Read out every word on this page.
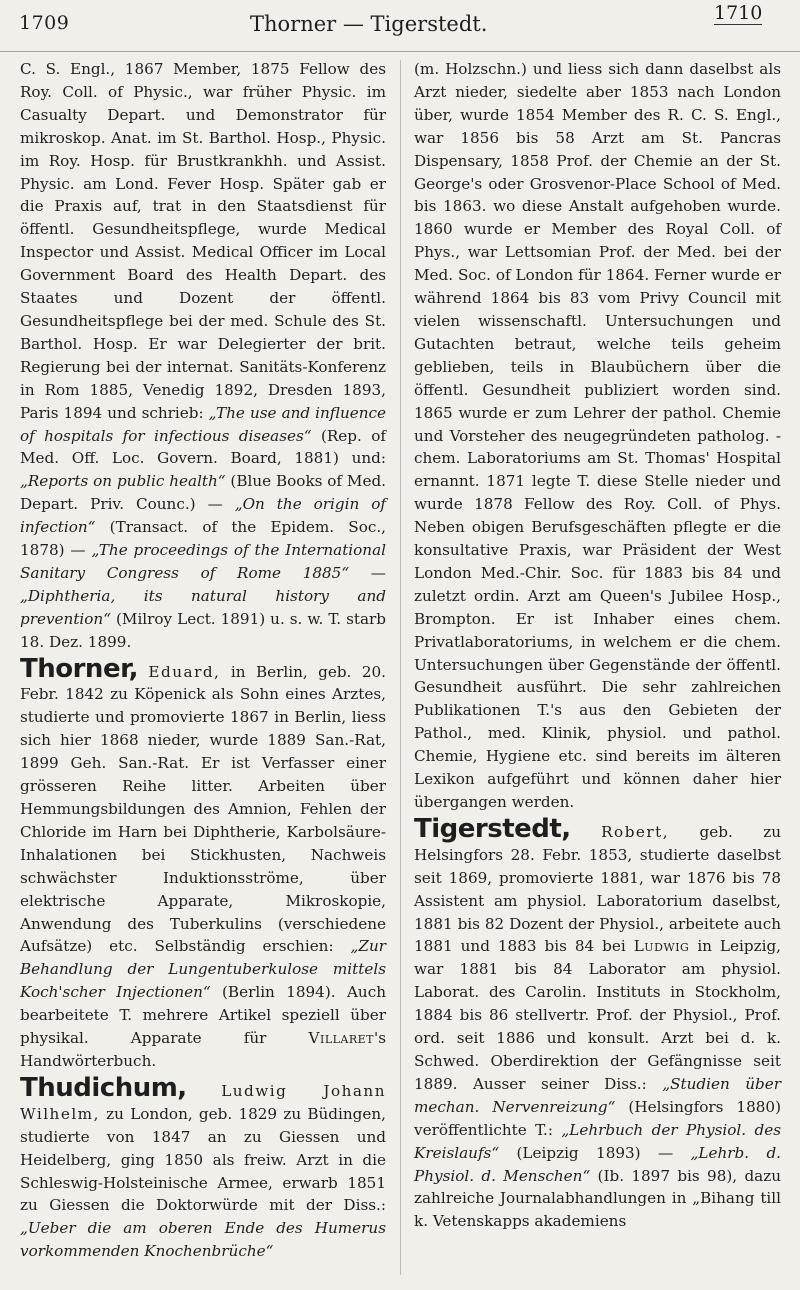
1709	Thorner — Tigerstedt.	1710

C. S. Engl., 1867 Member, 1875 Fellow des Roy. Coll. of Physic., war früher Physic. im Casualty Depart. und Demonstrator für mikroskop. Anat. im St. Barthol. Hosp., Physic. im Roy. Hosp. für Brustkrankhh. und Assist. Physic. am Lond. Fever Hosp. Später gab er die Praxis auf, trat in den Staatsdienst für öffentl. Gesundheitspflege, wurde Medical Inspector und Assist. Medical Officer im Local Government Board des Health Depart. des Staates und Dozent der öffentl. Gesundheitspflege bei der med. Schule des St. Barthol. Hosp. Er war Delegierter der brit. Regierung bei der internat. Sanitäts-Konferenz in Rom 1885, Venedig 1892, Dresden 1893, Paris 1894 und schrieb: „The use and influence of hospitals for infectious diseases“ (Rep. of Med. Off. Loc. Govern. Board, 1881) und: „Reports on public health“ (Blue Books of Med. Depart. Priv. Counc.) — „On the origin of infection“ (Transact. of the Epidem. Soc., 1878) — „The proceedings of the International Sanitary Congress of Rome 1885“ — „Diphtheria, its natural history and prevention“ (Milroy Lect. 1891) u. s. w. T. starb 18. Dez. 1899.

Thorner, Eduard, in Berlin, geb. 20. Febr. 1842 zu Köpenick als Sohn eines Arztes, studierte und promovierte 1867 in Berlin, liess sich hier 1868 nieder, wurde 1889 San.-Rat, 1899 Geh. San.-Rat. Er ist Verfasser einer grösseren Reihe litter. Arbeiten über Hemmungsbildungen des Amnion, Fehlen der Chloride im Harn bei Diphtherie, Karbolsäure-Inhalationen bei Stickhusten, Nachweis schwächster Induktionsströme, über elektrische Apparate, Mikroskopie, Anwendung des Tuberkulins (verschiedene Aufsätze) etc. Selbständig erschien: „Zur Behandlung der Lungentuberkulose mittels Koch'scher Injectionen“ (Berlin 1894). Auch bearbeitete T. mehrere Artikel speziell über physikal. Apparate für Villaret's Handwörterbuch.

Thudichum, Ludwig Johann Wilhelm, zu London, geb. 1829 zu Büdingen, studierte von 1847 an zu Giessen und Heidelberg, ging 1850 als freiw. Arzt in die Schleswig-Holsteinische Armee, erwarb 1851 zu Giessen die Doktorwürde mit der Diss.: „Ueber die am oberen Ende des Humerus vorkommenden Knochenbrüche“

(m. Holzschn.) und liess sich dann daselbst als Arzt nieder, siedelte aber 1853 nach London über, wurde 1854 Member des R. C. S. Engl., war 1856 bis 58 Arzt am St. Pancras Dispensary, 1858 Prof. der Chemie an der St. George's oder Grosvenor-Place School of Med. bis 1863. wo diese Anstalt aufgehoben wurde. 1860 wurde er Member des Royal Coll. of Phys., war Lettsomian Prof. der Med. bei der Med. Soc. of London für 1864. Ferner wurde er während 1864 bis 83 vom Privy Council mit vielen wissenschaftl. Untersuchungen und Gutachten betraut, welche teils geheim geblieben, teils in Blaubüchern über die öffentl. Gesundheit publiziert worden sind. 1865 wurde er zum Lehrer der pathol. Chemie und Vorsteher des neugegründeten patholog. - chem. Laboratoriums am St. Thomas' Hospital ernannt. 1871 legte T. diese Stelle nieder und wurde 1878 Fellow des Roy. Coll. of Phys. Neben obigen Berufsgeschäften pflegte er die konsultative Praxis, war Präsident der West London Med.-Chir. Soc. für 1883 bis 84 und zuletzt ordin. Arzt am Queen's Jubilee Hosp., Brompton. Er ist Inhaber eines chem. Privatlaboratoriums, in welchem er die chem. Untersuchungen über Gegenstände der öffentl. Gesundheit ausführt. Die sehr zahlreichen Publikationen T.'s aus den Gebieten der Pathol., med. Klinik, physiol. und pathol. Chemie, Hygiene etc. sind bereits im älteren Lexikon aufgeführt und können daher hier übergangen werden.

Tigerstedt, Robert, geb. zu Helsingfors 28. Febr. 1853, studierte daselbst seit 1869, promovierte 1881, war 1876 bis 78 Assistent am physiol. Laboratorium daselbst, 1881 bis 82 Dozent der Physiol., arbeitete auch 1881 und 1883 bis 84 bei Ludwig in Leipzig, war 1881 bis 84 Laborator am physiol. Laborat. des Carolin. Instituts in Stockholm, 1884 bis 86 stellvertr. Prof. der Physiol., Prof. ord. seit 1886 und konsult. Arzt bei d. k. Schwed. Oberdirektion der Gefängnisse seit 1889. Ausser seiner Diss.: „Studien über mechan. Nervenreizung“ (Helsingfors 1880) veröffentlichte T.: „Lehrbuch der Physiol. des Kreislaufs“ (Leipzig 1893) — „Lehrb. d. Physiol. d. Menschen“ (Ib. 1897 bis 98), dazu zahlreiche Journalabhandlungen in „Bihang till k. Vetenskapps akademiens
